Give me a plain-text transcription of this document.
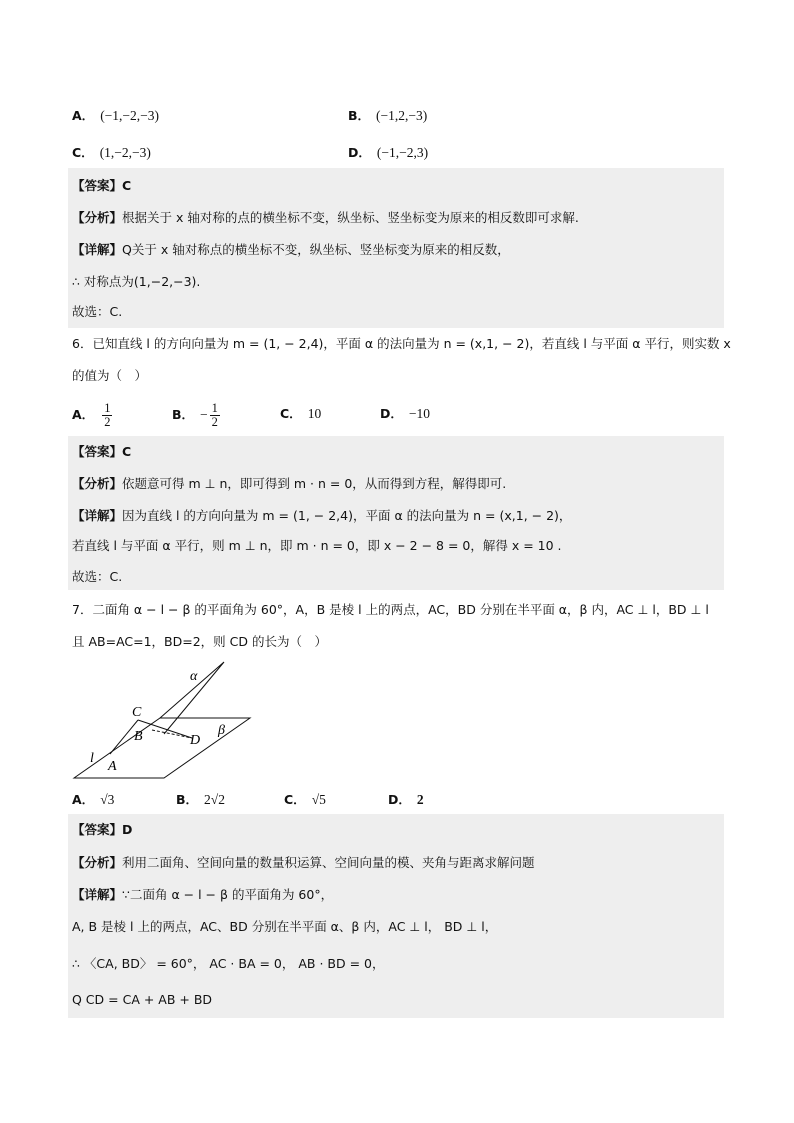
A． (−1,−2,−3)	B． (−1,2,−3)
C． (1,−2,−3)	D． (−1,−2,3)
【答案】C
【分析】根据关于 x 轴对称的点的横坐标不变，纵坐标、竖坐标变为原来的相反数即可求解.
【详解】Q关于 x 轴对称点的横坐标不变，纵坐标、竖坐标变为原来的相反数，
∴ 对称点为(1,−2,−3).
故选：C.
6．已知直线 l 的方向向量为 m = (1, − 2,4)，平面 α 的法向量为 n = (x,1, − 2)，若直线 l 与平面 α 平行，则实数 x
的值为（　）
A． $\frac{1}{2}$	B． − $\frac{1}{2}$	C． 10	D． −10
【答案】C
【分析】依题意可得 m ⊥ n，即可得到 m · n = 0，从而得到方程，解得即可.
【详解】因为直线 l 的方向向量为 m = (1, − 2,4)，平面 α 的法向量为 n = (x,1, − 2)，
若直线 l 与平面 α 平行，则 m ⊥ n，即 m · n = 0，即 x − 2 − 8 = 0，解得 x = 10 .
故选：C.
7．二面角 α − l − β 的平面角为 60°，A，B 是棱 l 上的两点，AC，BD 分别在半平面 α，β 内，AC ⊥ l，BD ⊥ l
且 AB=AC=1，BD=2，则 CD 的长为（　）
α
β
C
B	D
l
A
A． √3	B． 2√2	C． √5	D． 2
【答案】D
【分析】利用二面角、空间向量的数量积运算、空间向量的模、夹角与距离求解问题
【详解】∵二面角 α − l − β 的平面角为 60°，
A, B 是棱 l 上的两点，AC、BD 分别在半平面 α、β 内，AC ⊥ l， BD ⊥ l，
∴ 〈CA, BD〉 = 60°， AC · BA = 0， AB · BD = 0，
Q CD = CA + AB + BD
